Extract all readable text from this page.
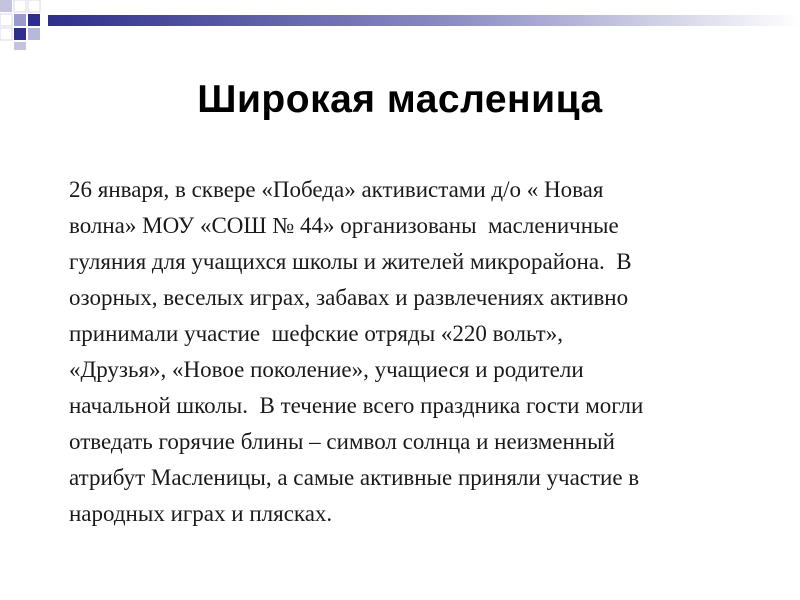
Широкая масленица
26 января, в сквере «Победа» активистами д/о « Новая
волна» МОУ «СОШ № 44» организованы  масленичные
гуляния для учащихся школы и жителей микрорайона.  В
озорных, веселых играх, забавах и развлечениях активно
принимали участие  шефские отряды «220 вольт»,
«Друзья», «Новое поколение», учащиеся и родители
начальной школы.  В течение всего праздника гости могли
отведать горячие блины – символ солнца и неизменный
атрибут Масленицы, а самые активные приняли участие в
народных играх и плясках.
